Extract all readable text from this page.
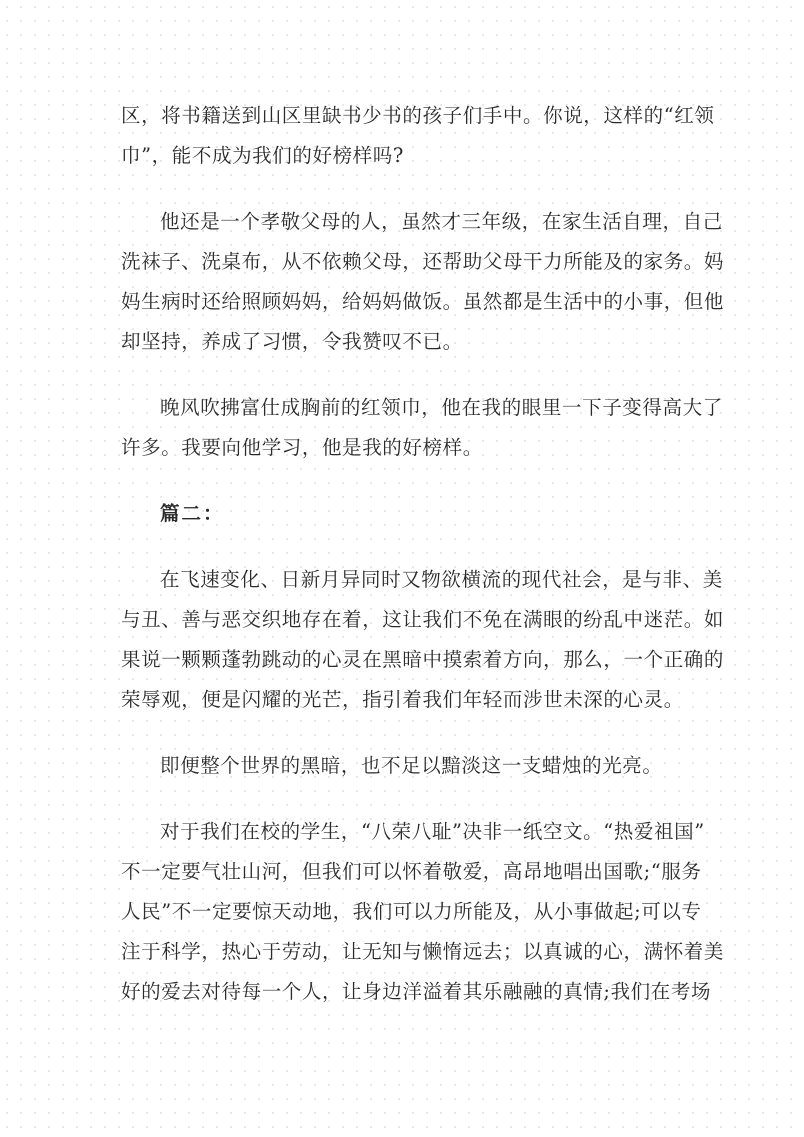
区，将书籍送到山区里缺书少书的孩子们手中。你说，这样的“红领
巾”，能不成为我们的好榜样吗?
他还是一个孝敬父母的人，虽然才三年级，在家生活自理，自己
洗袜子、洗桌布，从不依赖父母，还帮助父母干力所能及的家务。妈
妈生病时还给照顾妈妈，给妈妈做饭。虽然都是生活中的小事，但他
却坚持，养成了习惯，令我赞叹不已。
晚风吹拂富仕成胸前的红领巾，他在我的眼里一下子变得高大了
许多。我要向他学习，他是我的好榜样。
篇二：
在飞速变化、日新月异同时又物欲横流的现代社会，是与非、美
与丑、善与恶交织地存在着，这让我们不免在满眼的纷乱中迷茫。如
果说一颗颗蓬勃跳动的心灵在黑暗中摸索着方向，那么，一个正确的
荣辱观，便是闪耀的光芒，指引着我们年轻而涉世未深的心灵。
即便整个世界的黑暗，也不足以黯淡这一支蜡烛的光亮。
对于我们在校的学生，“八荣八耻”决非一纸空文。“热爱祖国”
不一定要气壮山河，但我们可以怀着敬爱，高昂地唱出国歌;“服务
人民”不一定要惊天动地，我们可以力所能及，从小事做起;可以专
注于科学，热心于劳动，让无知与懒惰远去；以真诚的心，满怀着美
好的爱去对待每一个人，让身边洋溢着其乐融融的真情;我们在考场
